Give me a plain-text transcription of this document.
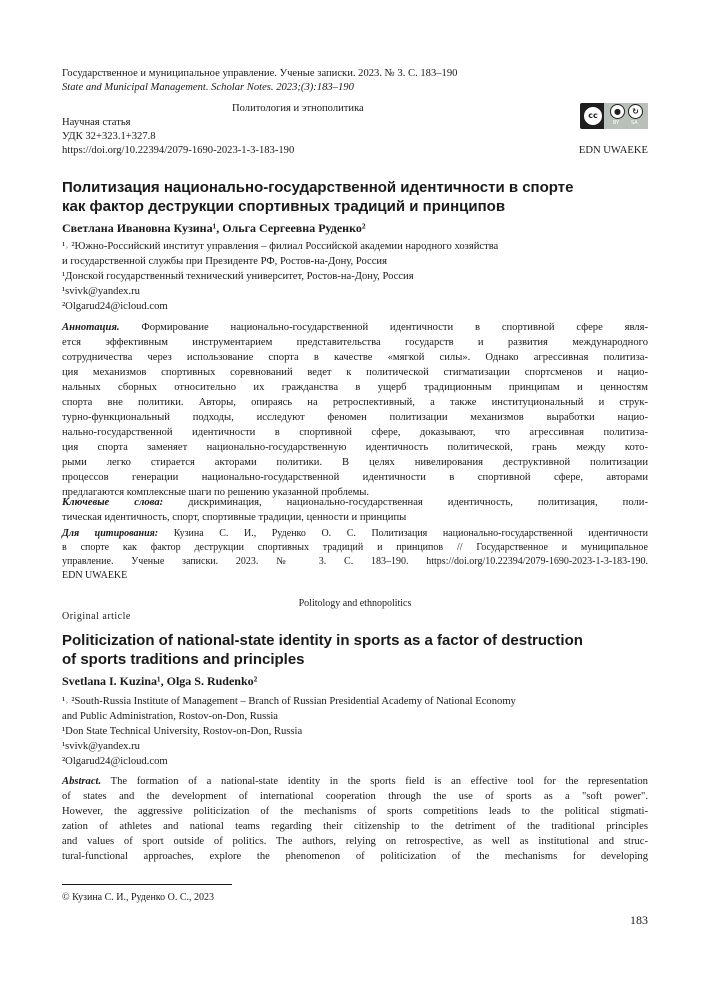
Государственное и муниципальное управление. Ученые записки. 2023. № 3. С. 183–190
State and Municipal Management. Scholar Notes. 2023;(3):183–190
Политология и этнополитика
Научная статья
УДК 32+323.1+327.8
https://doi.org/10.22394/2079-1690-2023-1-3-183-190	EDN UWAEKE
cc	●	↻
BY SA
Политизация национально-государственной идентичности в спорте
как фактор деструкции спортивных традиций и принципов
Светлана Ивановна Кузина¹, Ольга Сергеевна Руденко²
¹˒ ²Южно-Российский институт управления – филиал Российской академии народного хозяйства
и государственной службы при Президенте РФ, Ростов-на-Дону, Россия
¹Донской государственный технический университет, Ростов-на-Дону, Россия
¹svivk@yandex.ru
²Olgarud24@icloud.com
Аннотация. Формирование национально-государственной идентичности в спортивной сфере явля-
ется эффективным инструментарием представительства государств и развития международного
сотрудничества через использование спорта в качестве «мягкой силы». Однако агрессивная политиза-
ция механизмов спортивных соревнований ведет к политической стигматизации спортсменов и нацио-
нальных сборных относительно их гражданства в ущерб традиционным принципам и ценностям
спорта вне политики. Авторы, опираясь на ретроспективный, а также институциональный и струк-
турно-функциональный подходы, исследуют феномен политизации механизмов выработки нацио-
нально-государственной идентичности в спортивной сфере, доказывают, что агрессивная политиза-
ция спорта заменяет национально-государственную идентичность политической, грань между кото-
рыми легко стирается акторами политики. В целях нивелирования деструктивной политизации
процессов генерации национально-государственной идентичности в спортивной сфере, авторами
предлагаются комплексные шаги по решению указанной проблемы.
Ключевые слова: дискриминация, национально-государственная идентичность, политизация, поли-
тическая идентичность, спорт, спортивные традиции, ценности и принципы
Для цитирования: Кузина С. И., Руденко О. С. Политизация национально-государственной идентичности
в спорте как фактор деструкции спортивных традиций и принципов // Государственное и муниципальное
управление. Ученые записки. 2023. № 3. С. 183–190. https://doi.org/10.22394/2079-1690-2023-1-3-183-190.
EDN UWAEKE
Politology and ethnopolitics
Original article
Politicization of national-state identity in sports as a factor of destruction
of sports traditions and principles
Svetlana I. Kuzina¹, Olga S. Rudenko²
¹˒ ²South-Russia Institute of Management – Branch of Russian Presidential Academy of National Economy
and Public Administration, Rostov-on-Don, Russia
¹Don State Technical University, Rostov-on-Don, Russia
¹svivk@yandex.ru
²Olgarud24@icloud.com
Abstract. The formation of a national-state identity in the sports field is an effective tool for the representation
of states and the development of international cooperation through the use of sports as a "soft power".
However, the aggressive politicization of the mechanisms of sports competitions leads to the political stigmati-
zation of athletes and national teams regarding their citizenship to the detriment of the traditional principles
and values of sport outside of politics. The authors, relying on retrospective, as well as institutional and struc-
tural-functional approaches, explore the phenomenon of politicization of the mechanisms for developing
© Кузина С. И., Руденко О. С., 2023
183
